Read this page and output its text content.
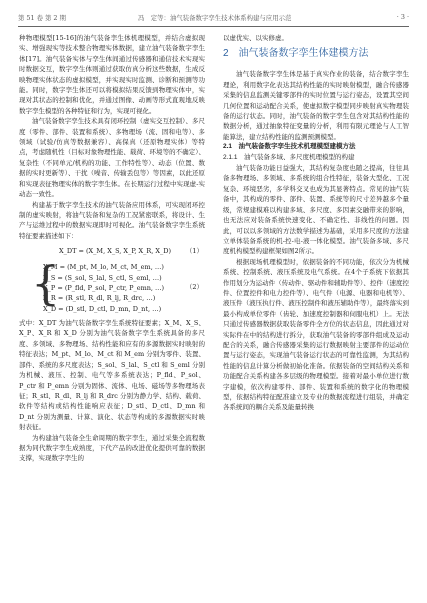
第 51 卷 第 2 期	冯　定等：油气装备数字孪生技术体系构建与应用示范	· 3 ·

种物理模型[15-16]的油气装备孪生体机理模型，并结合虚拟现实、增强现实等技术整合物理实体数据，建立油气装备数字孪生体[17]。油气装备实体与孪生体间通过传感器和通信技术实现实时数据交互，数字孪生体则通过获取仿真分析这些数据，生成反映物理实体状态的虚拟模型，并实现实时监测、诊断和预测等功能。同时，数字孪生体还可以将模拟结果反馈到物理实体中，实现对其状态的控制和优化，并通过图像、动画等形式直观地反映数字孪生模型的各种特征和行为，实现可视化。

油气装备数字孪生技术具有闭环控制（虚实交互控制）、多尺度（零件、部件、装置和系统）、多物理场（流、固和电等）、多领域（试验/仿真等数据兼容）、高保真（还原物理实体）等特点，考虑随机性（目标对象物理性能、载荷、环境等的不确定）、复杂性（不同单元/机构的功能、工作特性等）、动态（位置、数据的实时更新等）、干扰（噪音、传输丢包等）等因素，以此还原和实现表征物理实体的数字孪生体。在长期运行过程中实现虚-实动态一致性。

构建基于数字孪生技术的油气装备应用体系，可实现闭环控制的虚实映射，将油气装备和复杂的工况紧密联系，将设计、生产与运维过程中的数据实现即时可视化。油气装备数字孪生系统特征要素描述如下：

X_DT = (X_M, X_S, X_P, X_R, X_D) （1）
{
X_M = (M_pt, M_lo, M_ct, M_em, …)
X_S = (S_sol, S_lal, S_ctl, S_eml, …)
X_P = (P_fld, P_sol, P_ctr, P_emn, …)
X_R = (R_stl, R_dl, R_lj, R_drc, …)
X_D = (D_stl, D_ctl, D_mn, D_nt, …)
（2）

式中：X_DT 为油气装备数字孪生系统特征要素；X_M、X_S、X_P、X_R 和 X_D 分别为油气装备数字孪生系统具备的多尺度、多领域、多物理场、结构性能和应有的多源数据实时映射的特征表达；M_pt、M_lo、M_ct 和 M_em 分别为零件、装置、部件、系统的多尺度表达；S_sol、S_lal、S_ctl 和 S_eml 分别为机械、液压、控制、电气等多系统表达；P_fld、P_sol、P_ctr 和 P_emn 分别为固体、流体、电场、磁场等多物理场表征；R_stl、R_dl、R_lj 和 R_drc 分别为静力学、结构、载荷、软件等结构或结构性能响应表征；D_stl、D_ctl、D_mn 和 D_nt 分别为测量、计算、演化、状态等构成的多源数据实时映射表征。

为构建油气装备全生命周期的数字孪生，通过采集全流程数据为同代数字孪生成熟度，下代产品的改进优化提供可靠的数据支撑，实现数字孪生的

以虚优实、以实修虚。

2　油气装备数字孪生体建模方法

油气装备数字孪生体是基于真实作业的装备，结合数字孪生理论，利用数字化表达其结构性能的实时映射模型，融合传感器采集的信息监测关键零部件的实时位置与运行姿态，设置其空间几何位置和运动配合关系，使虚拟数字模型同步映射真实物理装备的运行状态。同时，油气装备的数字孪生包含对其结构性能的数据分析，通过抽象特征变量的分析，利用有限元理论与人工智能算法，建立结构性能的监测预测模型。

2.1　油气装备数字孪生技术机理模型建模方法
2.1.1　油气装备多域、多尺度机理模型的构建

油气装备功能日益强大，其结构复杂度也随之提高，往往具备多物理场、多领域、多系统的组合性特征，装备大型化、工况复杂、环境恶劣，多学科交叉也成为其显著特点。常见的油气装备中，其构成的零件、部件、装置、系统等的尺寸差异越多个量级，常规建模难以构建多域、多尺度、多因素交融带来的影响，也无法应对装备系统快速变化、不确定性、非线性的问题。因此，可以以多领域的方法数学描述为基础，采用多尺度的方法建立单体装备系统的机-控-电-液一体化模型。油气装备多域、多尺度机构模型构建框架如图2所示。

根据现场机理模型时，依据装备的不同功能，依次分为机械系统、控制系统、液压系统及电气系统。在4个子系统下依据其作用划分为运动件（传动件、驱动件和辅助件等）、控件（速度控件、位置控件和电力控件等）、电气件（电源、电器和电机等）、液压件（液压执行件、液压控制件和液压辅助件等），最终落实到最小构成单位零件（齿轮、加速度控制器和伺服电机）上。无法只通过传感器数据获取装备零件全方位的状态信息，因此通过对实际件在中的结构进行拆分，获取油气装备的零部件组成及运动配合的关系，融合传感器采集的运行数据映射主要部件的运动位置与运行姿态，实现油气装备运行状态的可靠性监测，为其结构性能的信息计算分析做初始化准备。依据装备的空间结构关系和功能配合关系构建各多层级的物理模型。接着对最小单位进行数字建模，依次构建零件、部件、装置和系统的数字化的物理模型，依据结构特征配准建立及专业的数据流程进行组装，并确定各系统间的耦合关系及能量转换
